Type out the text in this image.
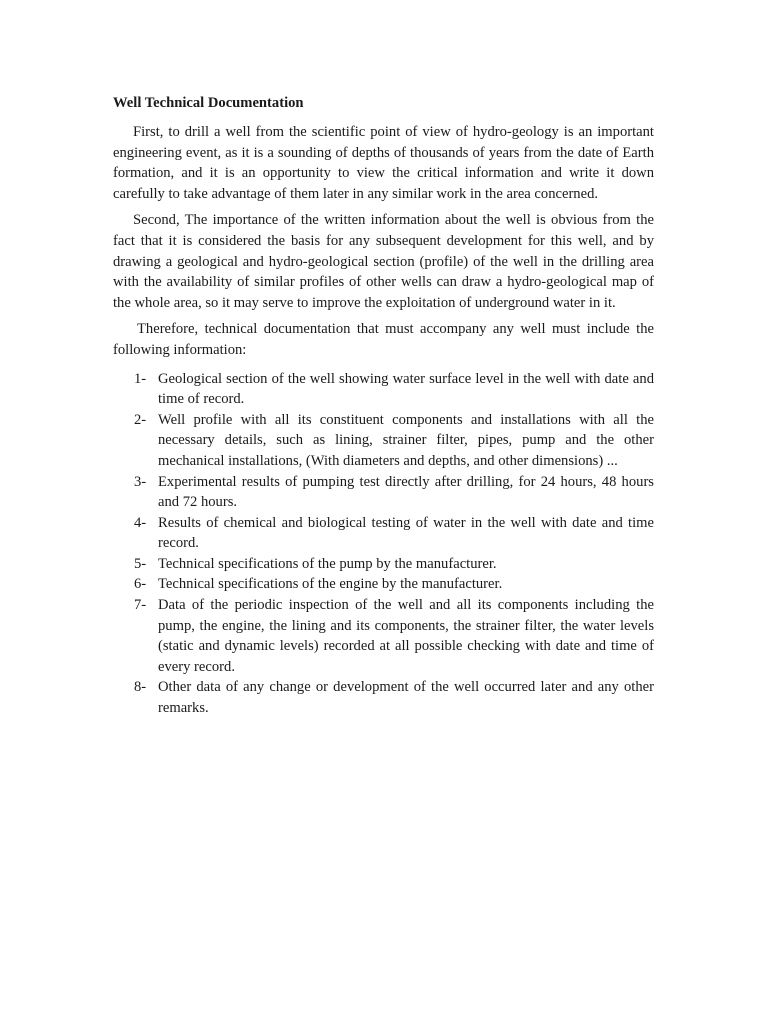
Well Technical Documentation

First, to drill a well from the scientific point of view of hydro-geology is an important engineering event, as it is a sounding of depths of thousands of years from the date of Earth formation, and it is an opportunity to view the critical information and write it down carefully to take advantage of them later in any similar work in the area concerned.

Second, The importance of the written information about the well is obvious from the fact that it is considered the basis for any subsequent development for this well, and by drawing a geological and hydro-geological section (profile) of the well in the drilling area with the availability of similar profiles of other wells can draw a hydro-geological map of the whole area, so it may serve to improve the exploitation of underground water in it.

Therefore, technical documentation that must accompany any well must include the following information:

1- Geological section of the well showing water surface level in the well with date and time of record.
2- Well profile with all its constituent components and installations with all the necessary details, such as lining, strainer filter, pipes, pump and the other mechanical installations, (With diameters and depths, and other dimensions) ...
3- Experimental results of pumping test directly after drilling, for 24 hours, 48 hours and 72 hours.
4- Results of chemical and biological testing of water in the well with date and time record.
5- Technical specifications of the pump by the manufacturer.
6- Technical specifications of the engine by the manufacturer.
7- Data of the periodic inspection of the well and all its components including the pump, the engine, the lining and its components, the strainer filter, the water levels (static and dynamic levels) recorded at all possible checking with date and time of every record.
8- Other data of any change or development of the well occurred later and any other remarks.
